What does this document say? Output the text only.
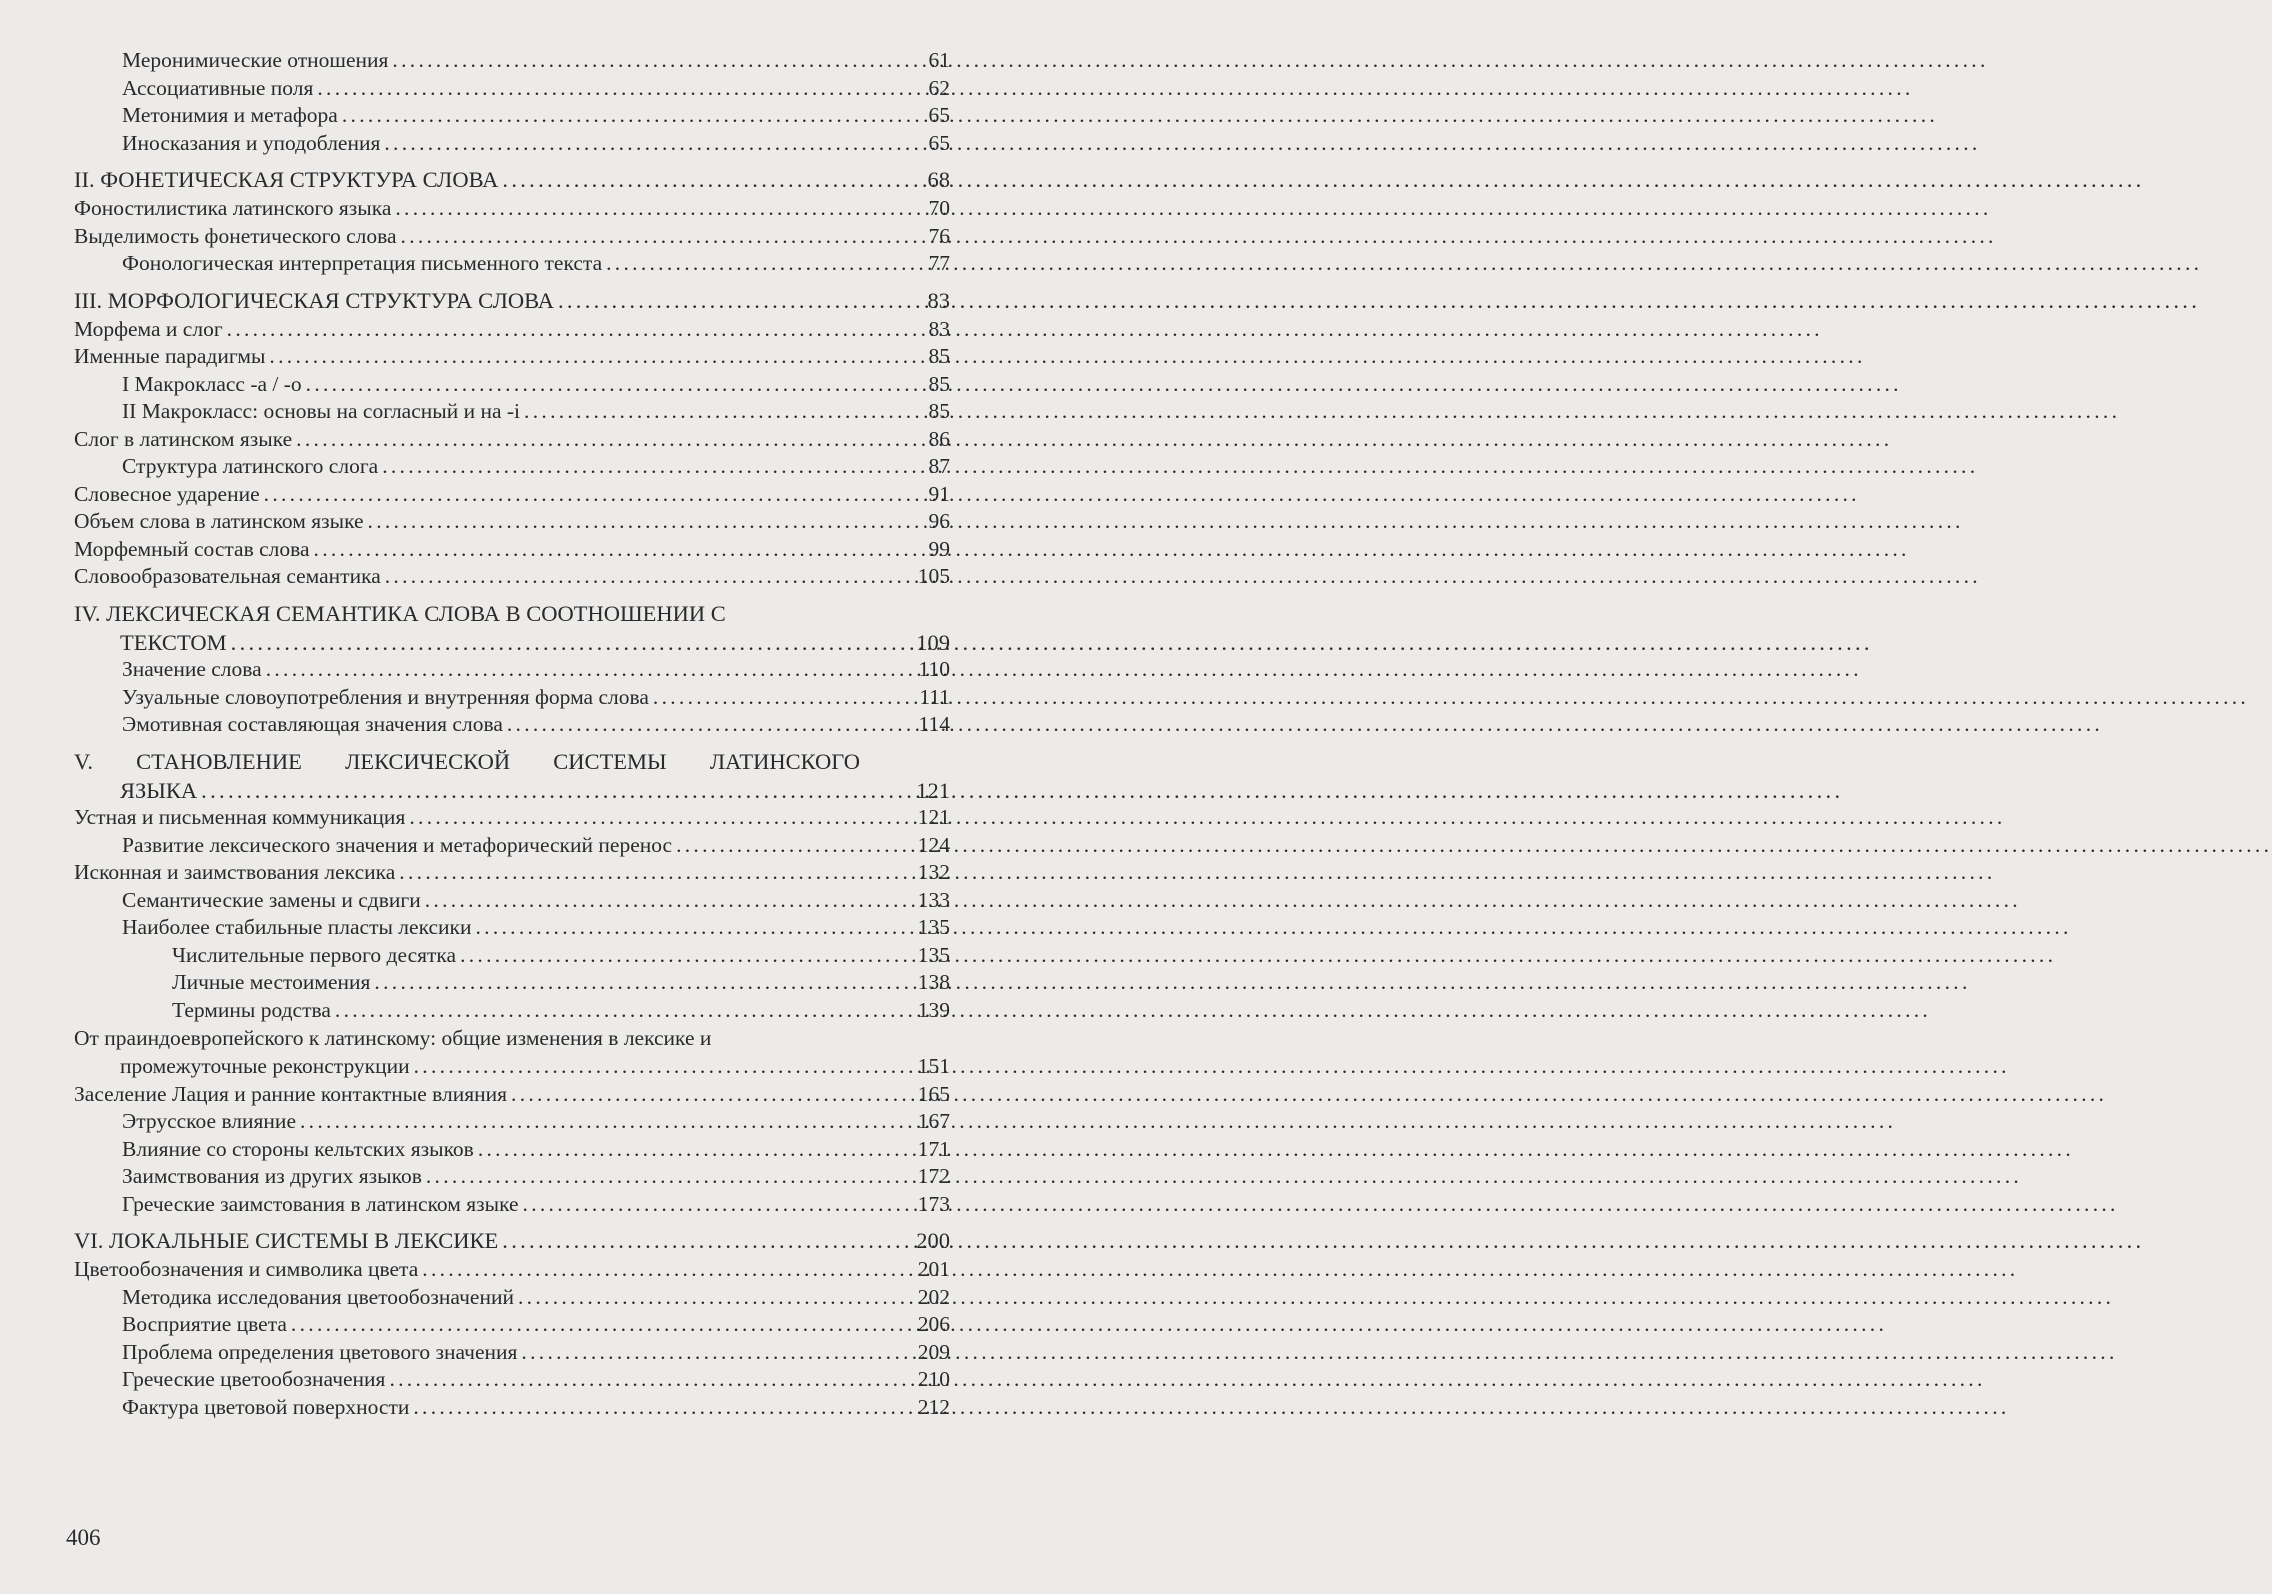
Меронимические отношения .....	61
Ассоциативные поля .....	62
Метонимия и метафора .....	65
Иносказания и уподобления .....	65
II. ФОНЕТИЧЕСКАЯ СТРУКТУРА СЛОВА .....	68
Фоностилистика латинского языка .....	70
Выделимость фонетического слова .....	76
Фонологическая интерпретация письменного текста .....	77
III. МОРФОЛОГИЧЕСКАЯ СТРУКТУРА СЛОВА .....	83
Морфема и слог .....	83
Именные парадигмы .....	85
I Макрокласс -a / -o .....	85
II Макрокласс: основы на согласный и на -i .....	85
Слог в латинском языке .....	86
Структура латинского слога .....	87
Словесное ударение .....	91
Объем слова в латинском языке .....	96
Морфемный состав слова .....	99
Словообразовательная семантика .....	105
IV. ЛЕКСИЧЕСКАЯ СЕМАНТИКА СЛОВА В СООТНОШЕНИИ С
ТЕКСТОМ .....	109
Значение слова .....	110
Узуальные словоупотребления и внутренняя форма слова .....	111
Эмотивная составляющая значения слова .....	114
V. СТАНОВЛЕНИЕ ЛЕКСИЧЕСКОЙ СИСТЕМЫ ЛАТИНСКОГО
ЯЗЫКА .....	121
Устная и письменная коммуникация .....	121
Развитие лексического значения и метафорический перенос .....	124
Исконная и заимствования лексика .....	132
Семантические замены и сдвиги .....	133
Наиболее стабильные пласты лексики .....	135
Числительные первого десятка .....	135
Личные местоимения .....	138
Термины родства .....	139
От праиндоевропейского к латинскому: общие изменения в лексике и
промежуточные реконструкции .....	151
Заселение Лация и ранние контактные влияния .....	165
Этрусское влияние .....	167
Влияние со стороны кельтских языков .....	171
Заимствования из других языков .....	172
Греческие заимстования в латинском языке .....	173
VI. ЛОКАЛЬНЫЕ СИСТЕМЫ В ЛЕКСИКЕ .....	200
Цветообозначения и символика цвета .....	201
Методика исследования цветообозначений .....	202
Восприятие цвета .....	206
Проблема определения цветового значения .....	209
Греческие цветообозначения .....	210
Фактура цветовой поверхности .....	212
406
